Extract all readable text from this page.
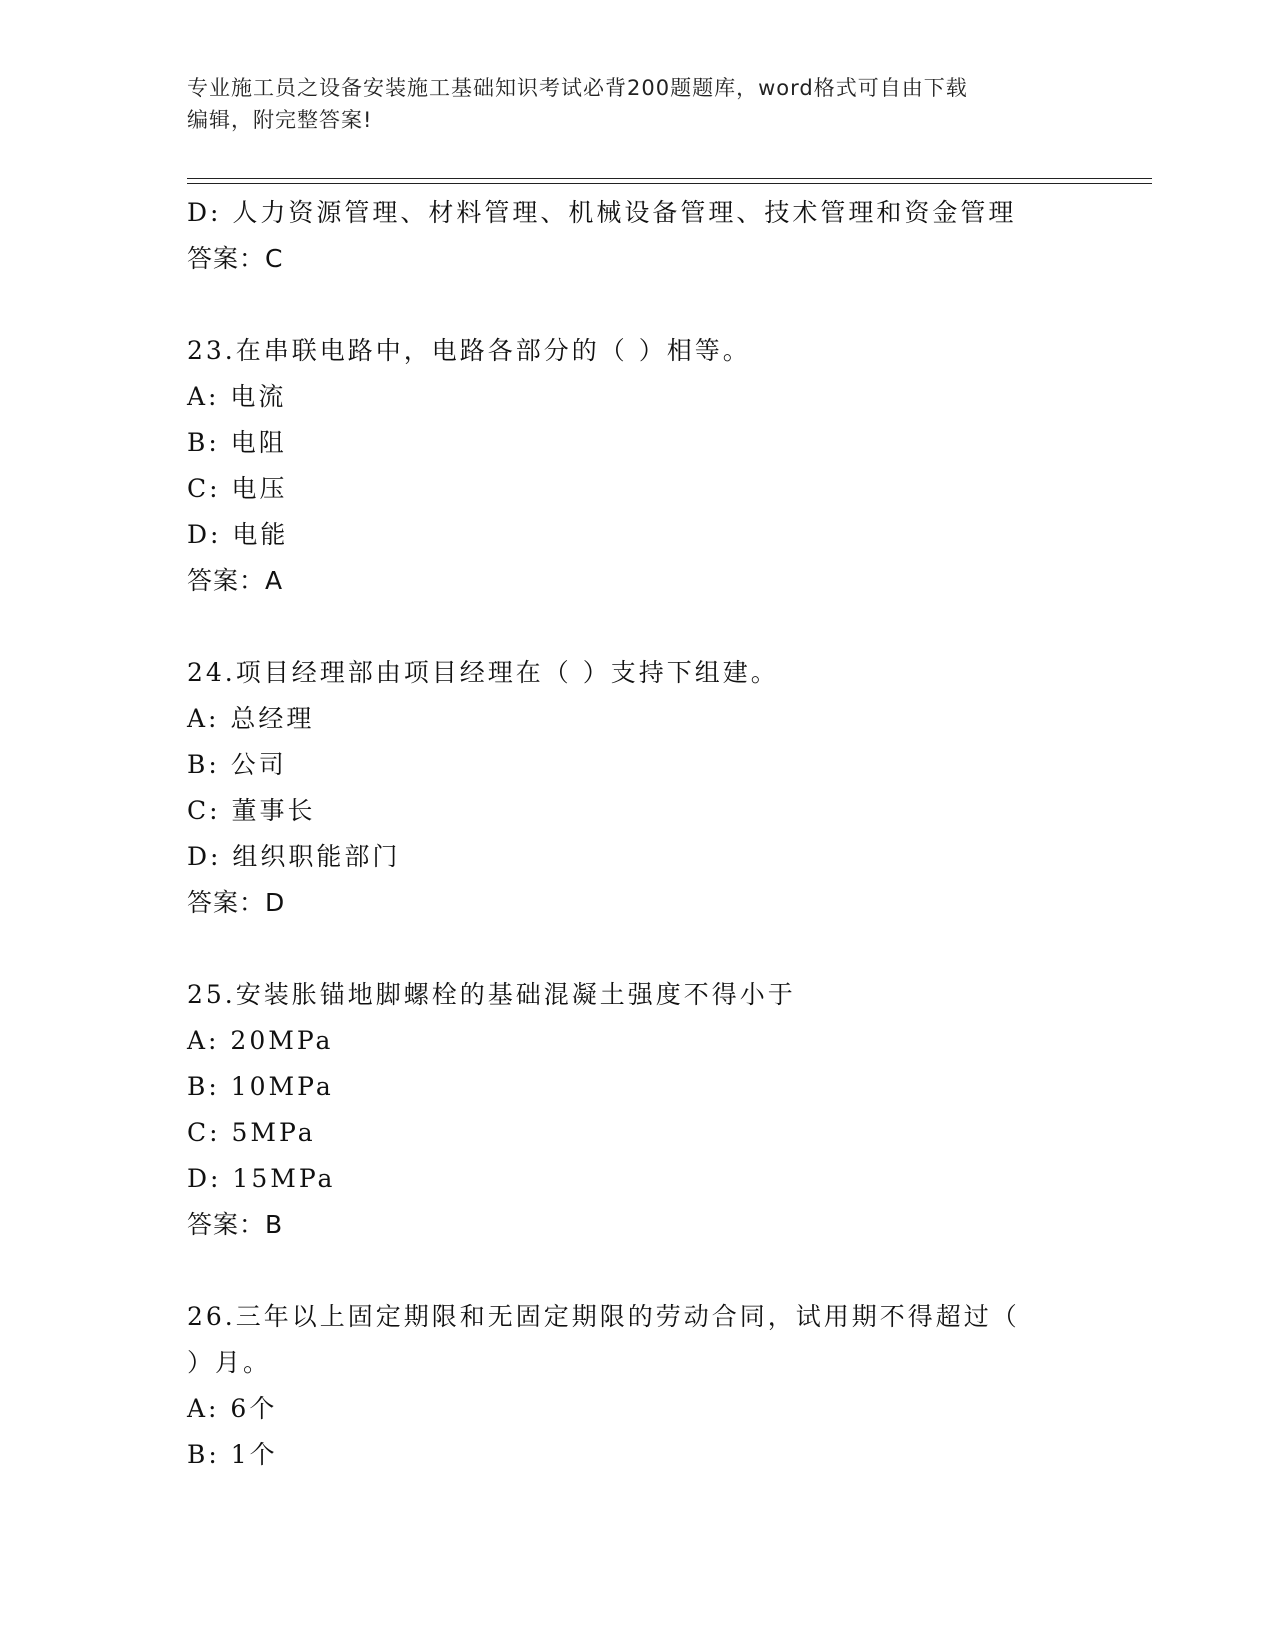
专业施工员之设备安装施工基础知识考试必背200题题库，word格式可自由下载
编辑，附完整答案!
D: 人力资源管理、材料管理、机械设备管理、技术管理和资金管理
答案：C
23.在串联电路中，电路各部分的（ ）相等。
A: 电流
B: 电阻
C: 电压
D: 电能
答案：A
24.项目经理部由项目经理在（ ）支持下组建。
A: 总经理
B: 公司
C: 董事长
D: 组织职能部门
答案：D
25.安装胀锚地脚螺栓的基础混凝土强度不得小于
A: 20MPa
B: 10MPa
C: 5MPa
D: 15MPa
答案：B
26.三年以上固定期限和无固定期限的劳动合同，试用期不得超过（
）月。
A: 6个
B: 1个
